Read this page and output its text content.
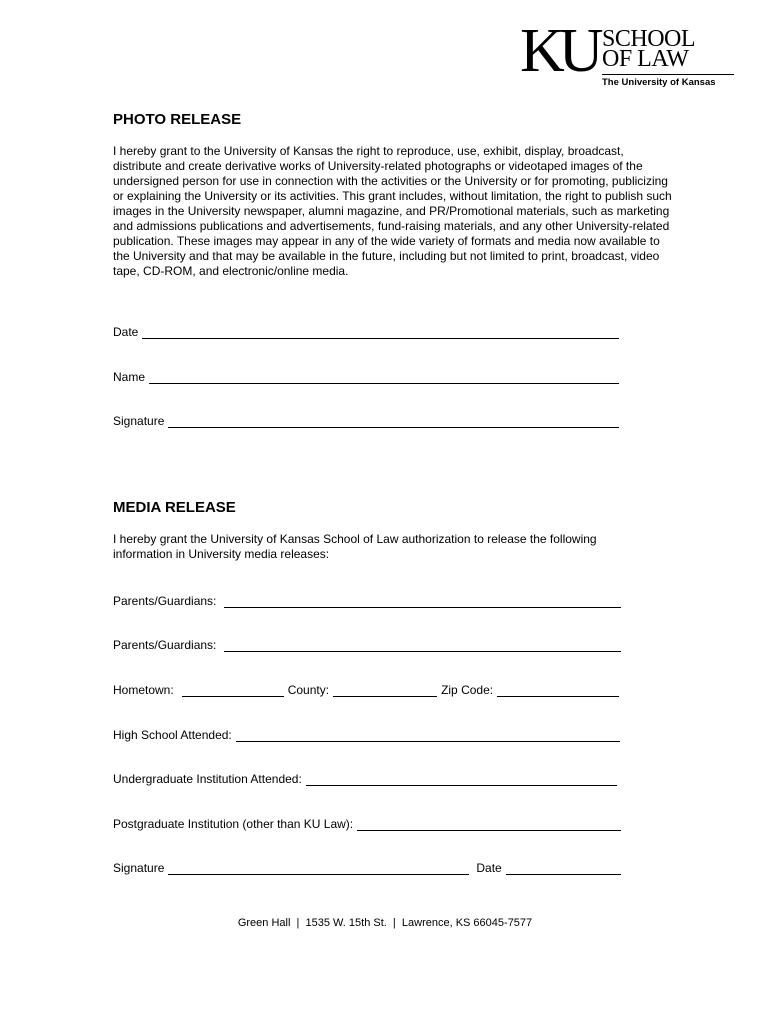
KU SCHOOL
OF LAW
The University of Kansas
PHOTO RELEASE

I hereby grant to the University of Kansas the right to reproduce, use, exhibit, display, broadcast, distribute and create derivative works of University-related photographs or videotaped images of the undersigned person for use in connection with the activities or the University or for promoting, publicizing or explaining the University or its activities. This grant includes, without limitation, the right to publish such images in the University newspaper, alumni magazine, and PR/Promotional materials, such as marketing and admissions publications and advertisements, fund-raising materials, and any other University-related publication. These images may appear in any of the wide variety of formats and media now available to the University and that may be available in the future, including but not limited to print, broadcast, video tape, CD-ROM, and electronic/online media.

Date
Name
Signature
MEDIA RELEASE

I hereby grant the University of Kansas School of Law authorization to release the following information in University media releases:

Parents/Guardians:
Parents/Guardians:
Hometown:	County:	Zip Code:
High School Attended:
Undergraduate Institution Attended:
Postgraduate Institution (other than KU Law):
Signature	Date
Green Hall  |  1535 W. 15th St.  |  Lawrence, KS 66045-7577
